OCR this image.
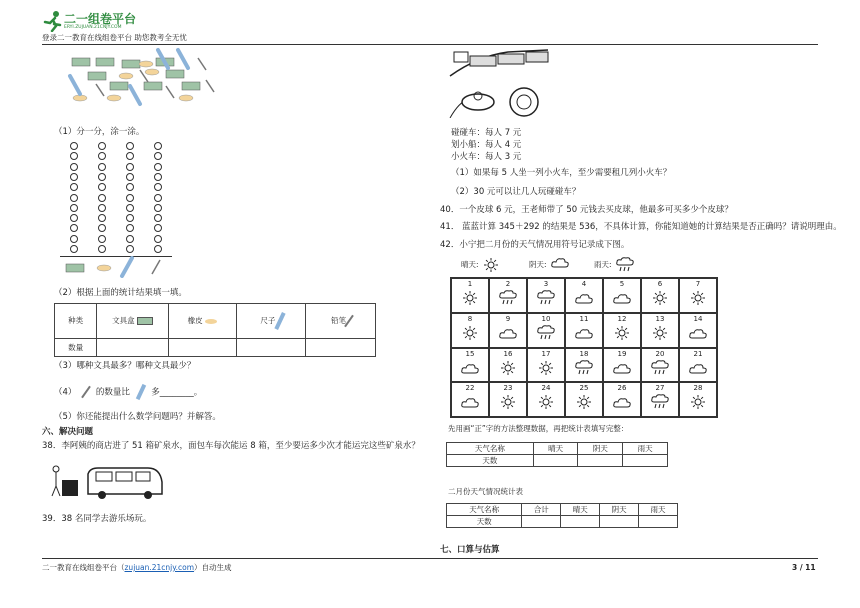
二一组卷平台
ERYI.ZUJUAN.21CNJY.COM
登录二一教育在线组卷平台 助您教考全无忧
（1）分一分，涂一涂。
（2）根据上面的统计结果填一填。
种类	文具盒	橡皮	尺子	铅笔
数量				
（3）哪种文具最多？哪种文具最少？
（4） 的数量比	多________。
（5）你还能提出什么数学问题吗？并解答。
六、解决问题
38．李阿姨的商店进了 51 箱矿泉水，面包车每次能运 8 箱，至少要运多少次才能运完这些矿泉水？
39．38 名同学去游乐场玩。
碰碰车：每人 7 元
划小船：每人 4 元
小火车：每人 3 元
（1）如果每 5 人坐一列小火车，至少需要租几列小火车？
（2）30 元可以让几人玩碰碰车？
40．一个皮球 6 元，王老师带了 50 元钱去买皮球，他最多可买多少个皮球？
41． 蓝蓝计算 345＋292 的结果是 536，不具体计算，你能知道她的计算结果是否正确吗？请说明理由。
42．小宁把二月份的天气情况用符号记录成下图。
晴天:	阴天:	雨天:
1	2	3	4	5	6	7
8	9	10	11	12	13	14
15	16	17	18	19	20	21
22	23	24	25	26	27	28
先用画“正”字的方法整理数据，再把统计表填写完整：
天气名称	晴天	阴天	雨天
天数			
二月份天气情况统计表
天气名称	合计	晴天	阴天	雨天
天数				
七、口算与估算
二一教育在线组卷平台（zujuan.21cnjy.com）自动生成	3 / 11
